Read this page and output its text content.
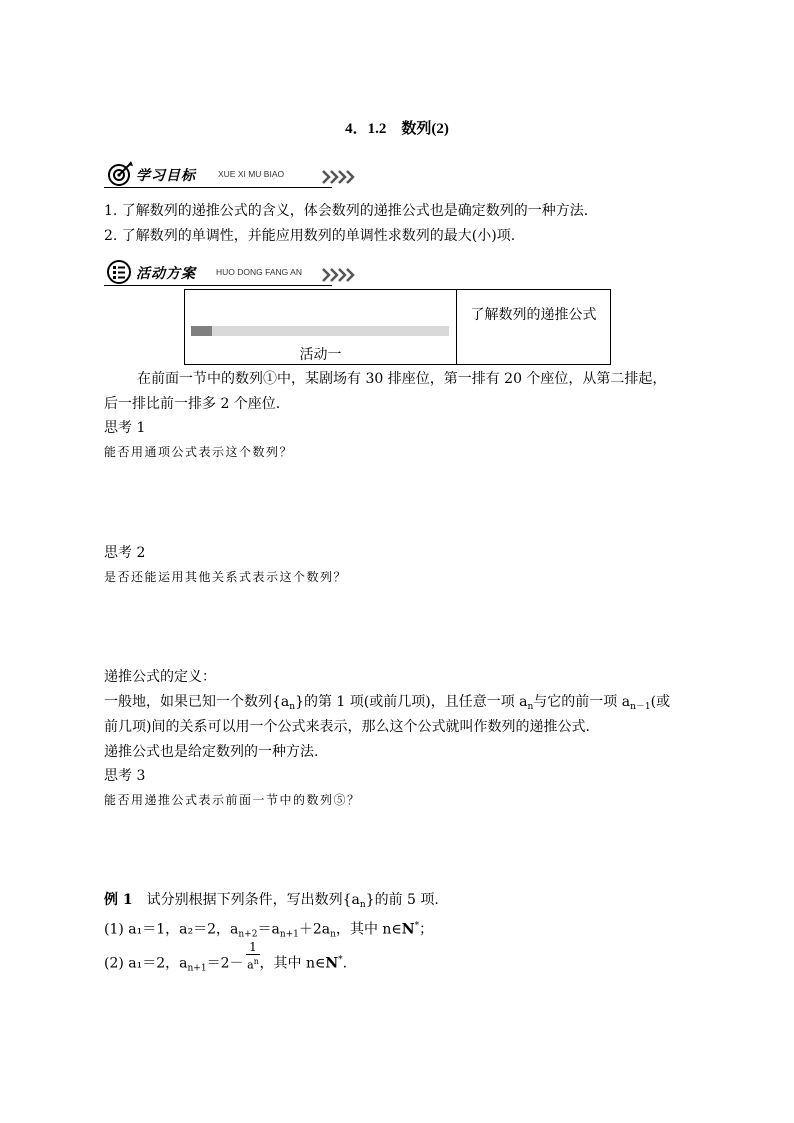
4．1.2　数列(2)
学习目标	XUE XI MU BIAO
1. 了解数列的递推公式的含义，体会数列的递推公式也是确定数列的一种方法.
2. 了解数列的单调性，并能应用数列的单调性求数列的最大(小)项.
活动方案 HUO DONG FANG AN
活动一
了解数列的递推公式
在前面一节中的数列①中，某剧场有 30 排座位，第一排有 20 个座位，从第二排起，
后一排比前一排多 2 个座位.
思考 1
能否用通项公式表示这个数列？
思考 2
是否还能运用其他关系式表示这个数列？
递推公式的定义：
一般地，如果已知一个数列$\{a_n\}$的第 1 项(或前几项)，且任意一项 $a_n$与它的前一项 $a_{n-1}$(或
前几项)间的关系可以用一个公式来表示，那么这个公式就叫作数列的递推公式.
递推公式也是给定数列的一种方法.
思考 3
能否用递推公式表示前面一节中的数列⑤？
例 1　试分别根据下列条件，写出数列$\{a_n\}$的前 5 项.
(1) a₁＝1，a₂＝2，$a_{n+2}=a_{n+1}+2a_n$，其中 n∈N*；
(2) a₁＝2，$a_{n+1}=2-$ ，其中 n∈N*.
$\frac{1}{a^n}$
